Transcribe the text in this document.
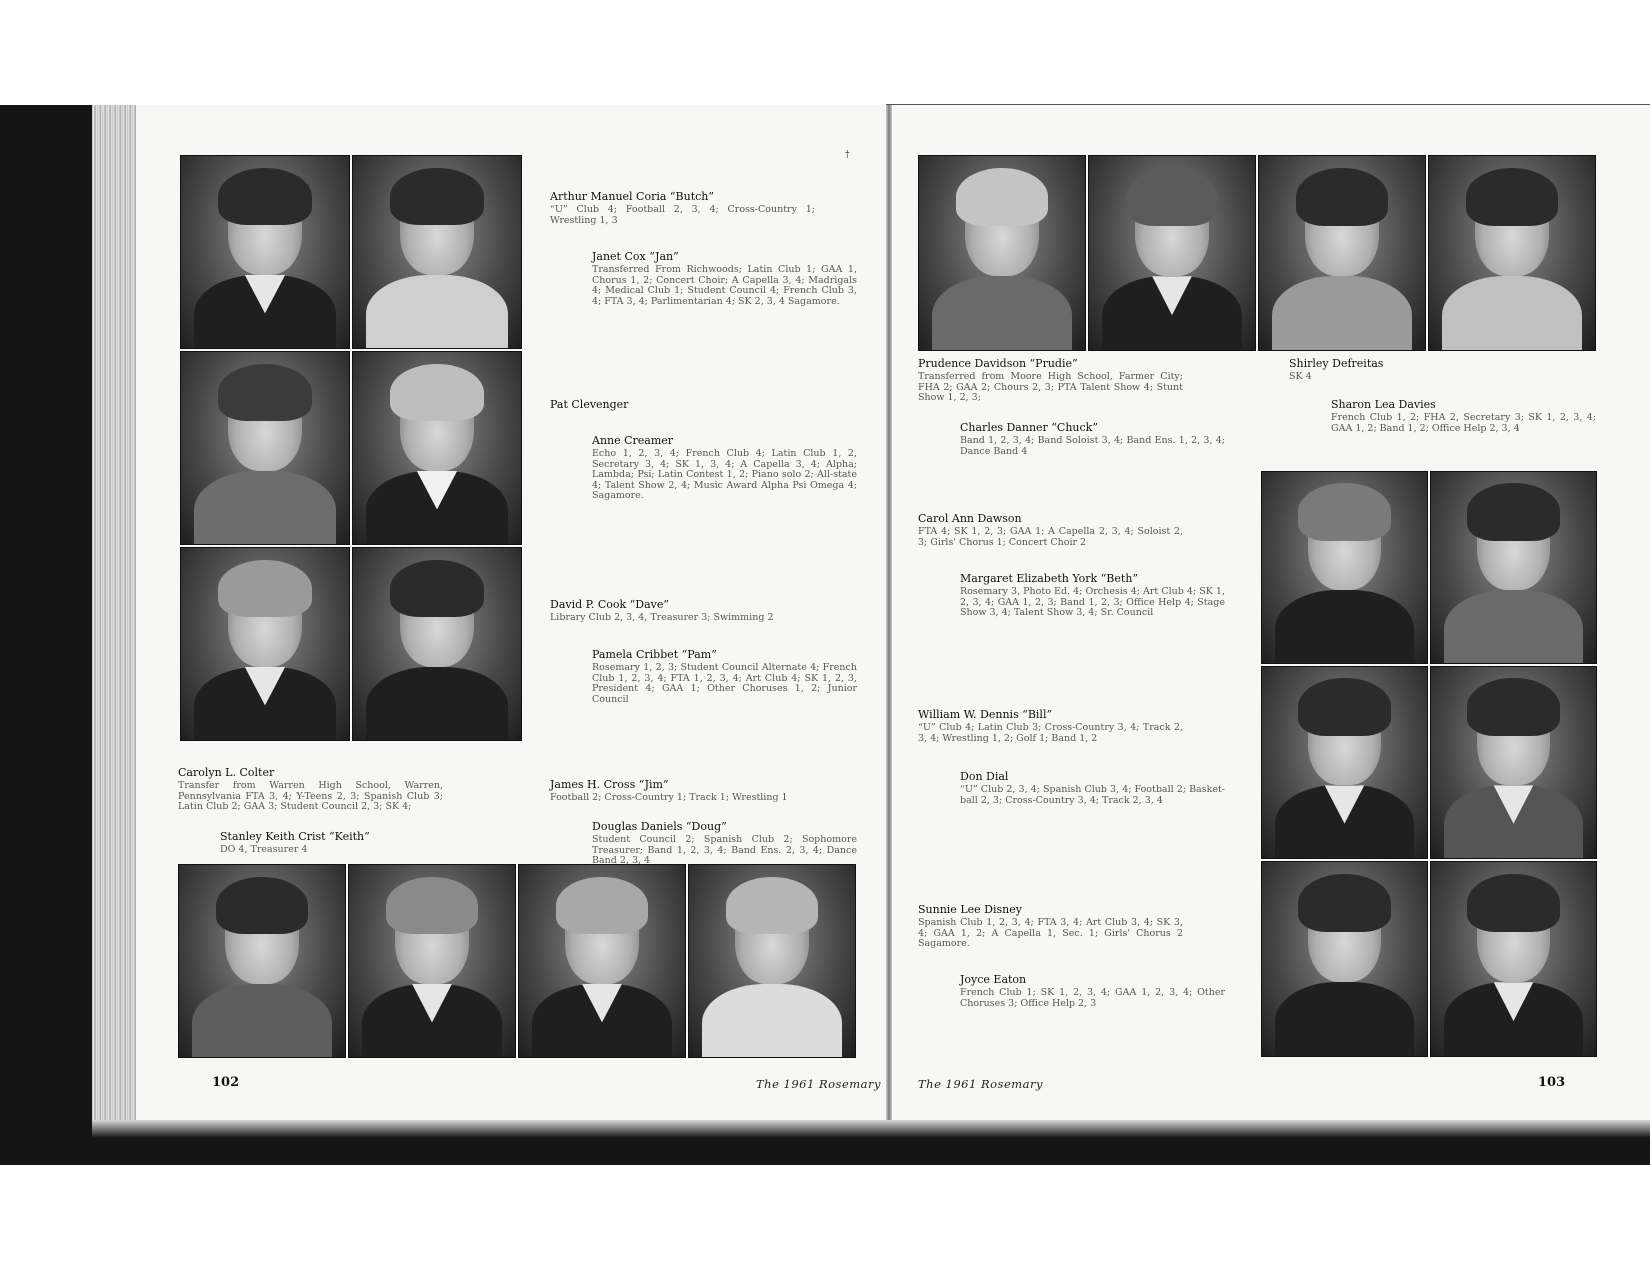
Arthur Manuel Coria “Butch”
“U” Club 4; Football 2, 3, 4; Cross-Country 1; Wrestling 1, 3
Janet Cox “Jan”
Transferred From Richwoods; Latin Club 1; GAA 1, Chorus 1, 2; Concert Choir; A Capella 3, 4; Madrigals 4; Medical Club 1; Student Council 4; French Club 3, 4; FTA 3, 4; Parlimentarian 4; SK 2, 3, 4 Sagamore.
Pat Clevenger
Anne Creamer
Echo 1, 2, 3, 4; French Club 4; Latin Club 1, 2, Secretary 3, 4; SK 1, 3, 4; A Capella 3, 4; Alpha; Lambda; Psi; Latin Contest 1, 2; Piano solo 2; All-state 4; Talent Show 2, 4; Music Award Alpha Psi Omega 4; Sagamore.
David P. Cook “Dave”
Library Club 2, 3, 4, Treasurer 3; Swimming 2
Pamela Cribbet “Pam”
Rosemary 1, 2, 3; Student Council Alternate 4; French Club 1, 2, 3, 4; FTA 1, 2, 3, 4; Art Club 4; SK 1, 2, 3, President 4; GAA 1; Other Choruses 1, 2; Junior Council
Carolyn L. Colter
Transfer from Warren High School, Warren, Pennsylvania FTA 3, 4; Y-Teens 2, 3; Spanish Club 3; Latin Club 2; GAA 3; Student Council 2, 3; SK 4;
Stanley Keith Crist “Keith”
DO 4, Treasurer 4
James H. Cross “Jim”
Football 2; Cross-Country 1; Track 1; Wrestling 1
Douglas Daniels “Doug”
Student Council 2; Spanish Club 2; Sophomore Treasurer; Band 1, 2, 3, 4; Band Ens. 2, 3, 4; Dance Band 2, 3, 4
†
102	The 1961 Rosemary
Prudence Davidson “Prudie”
Transferred from Moore High School, Farmer City; FHA 2; GAA 2; Chours 2, 3; PTA Talent Show 4; Stunt Show 1, 2, 3;
Shirley Defreitas
SK 4
Sharon Lea Davies
French Club 1, 2; FHA 2, Secretary 3; SK 1, 2, 3, 4; GAA 1, 2; Band 1, 2; Office Help 2, 3, 4
Charles Danner “Chuck”
Band 1, 2, 3, 4; Band Soloist 3, 4; Band Ens. 1, 2, 3, 4; Dance Band 4
Carol Ann Dawson
FTA 4; SK 1, 2, 3; GAA 1; A Capella 2, 3, 4; Soloist 2, 3; Girls' Chorus 1; Concert Choir 2
Margaret Elizabeth York “Beth”
Rosemary 3, Photo Ed. 4; Orchesis 4; Art Club 4; SK 1, 2, 3, 4; GAA 1, 2, 3; Band 1, 2, 3; Office Help 4; Stage Show 3, 4; Talent Show 3, 4; Sr. Council
William W. Dennis “Bill”
“U” Club 4; Latin Club 3; Cross-Country 3, 4; Track 2, 3, 4; Wrestling 1, 2; Golf 1; Band 1, 2
Don Dial
“U” Club 2, 3, 4; Spanish Club 3, 4; Football 2; Basket-ball 2, 3; Cross-Country 3, 4; Track 2, 3, 4
Sunnie Lee Disney
Spanish Club 1, 2, 3, 4; FTA 3, 4; Art Club 3, 4; SK 3, 4; GAA 1, 2; A Capella 1, Sec. 1; Girls' Chorus 2 Sagamore.
Joyce Eaton
French Club 1; SK 1, 2, 3, 4; GAA 1, 2, 3, 4; Other Choruses 3; Office Help 2, 3
The 1961 Rosemary	103
